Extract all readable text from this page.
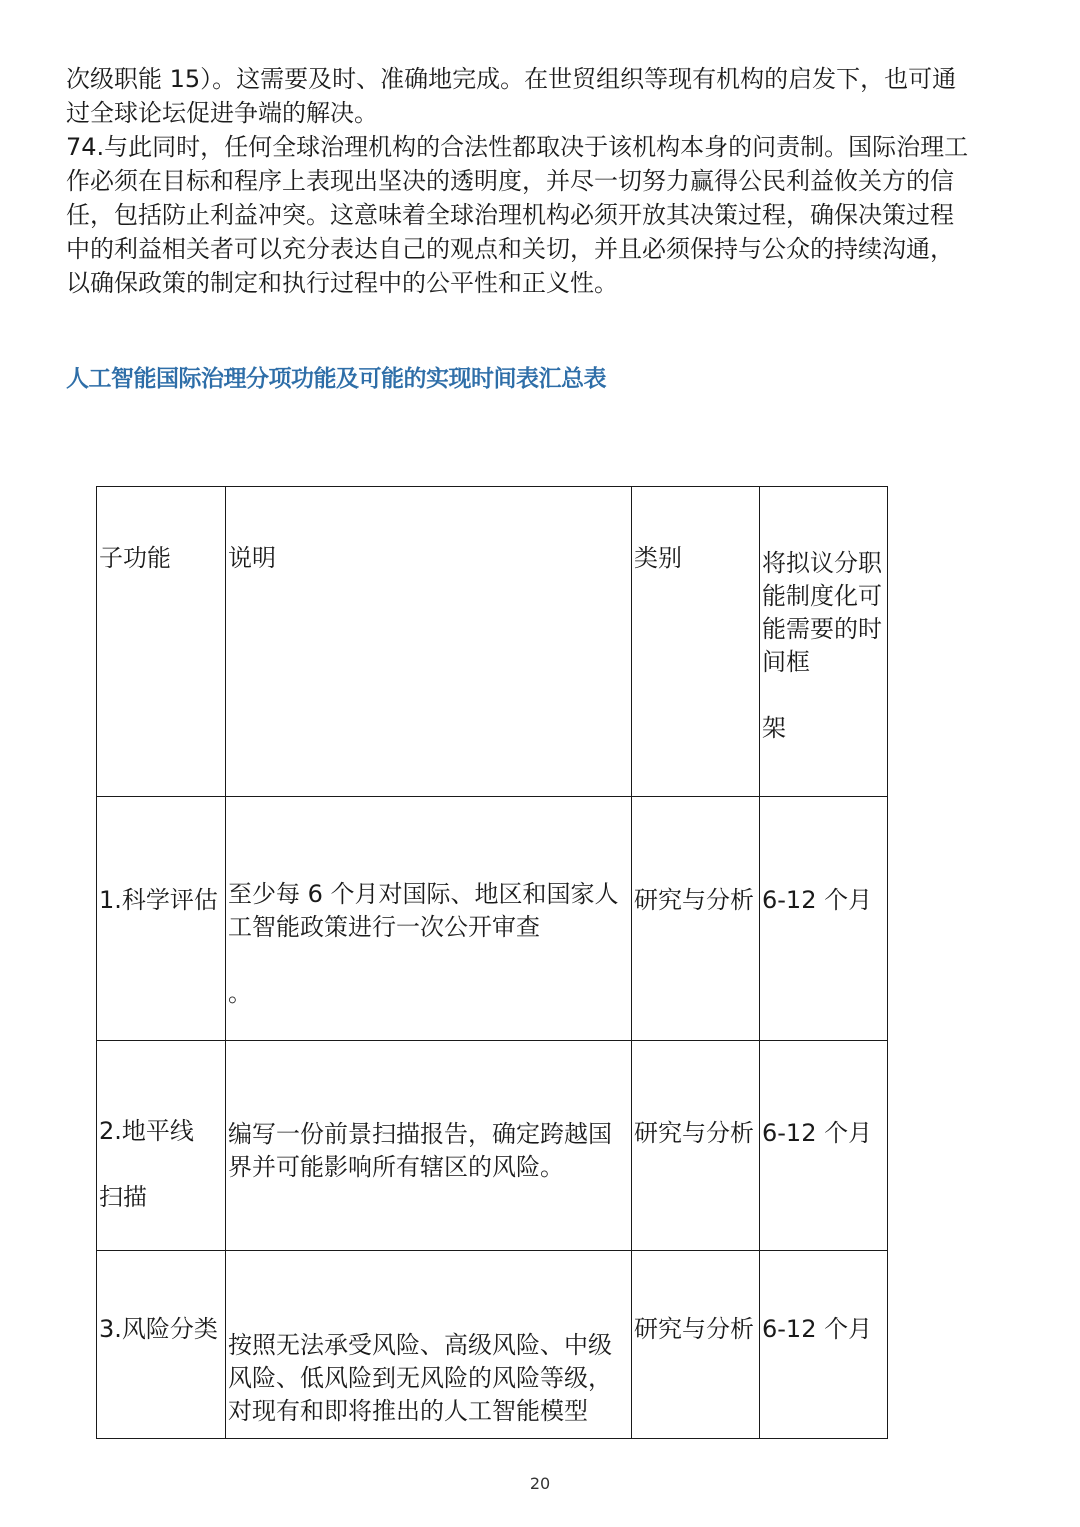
次级职能 15）。这需要及时、准确地完成。在世贸组织等现有机构的启发下，也可通
过全球论坛促进争端的解决。

74.与此同时，任何全球治理机构的合法性都取决于该机构本身的问责制。国际治理工
作必须在目标和程序上表现出坚决的透明度，并尽一切努力赢得公民利益攸关方的信
任，包括防止利益冲突。这意味着全球治理机构必须开放其决策过程，确保决策过程
中的利益相关者可以充分表达自己的观点和关切，并且必须保持与公众的持续沟通，
以确保政策的制定和执行过程中的公平性和正义性。

人工智能国际治理分项功能及可能的实现时间表汇总表
子功能	说明	类别	将拟议分职
能制度化可
能需要的时
间框

架

1.科学评估	至少每 6 个月对国际、地区和国家人
工智能政策进行一次公开审查

。	研究与分析	6-12 个月

2.地平线

扫描	编写一份前景扫描报告，确定跨越国
界并可能影响所有辖区的风险。	研究与分析	6-12 个月

3.风险分类	按照无法承受风险、高级风险、中级
风险、低风险到无风险的风险等级，
对现有和即将推出的人工智能模型	研究与分析	6-12 个月
20
